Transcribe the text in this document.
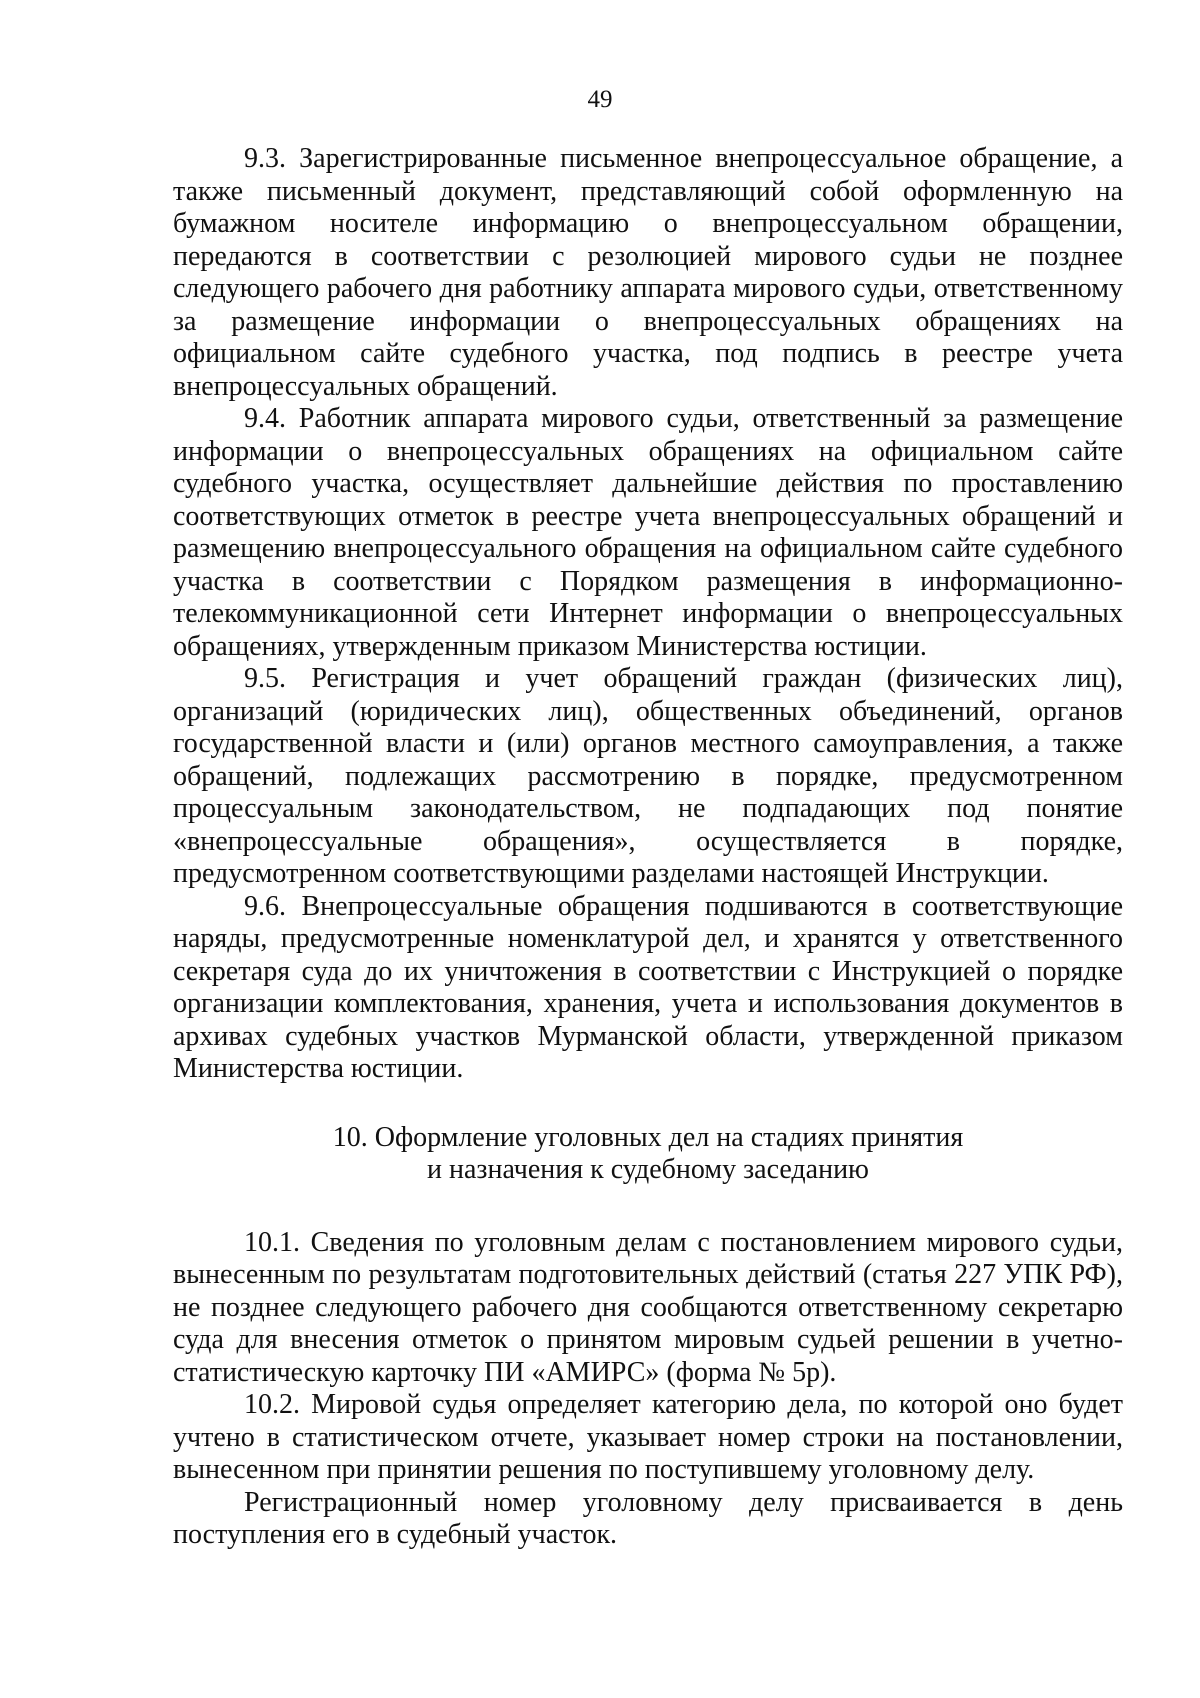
49

9.3. Зарегистрированные письменное внепроцессуальное обращение, а также письменный документ, представляющий собой оформленную на бумажном носителе информацию о внепроцессуальном обращении, передаются в соответствии с резолюцией мирового судьи не позднее следующего рабочего дня работнику аппарата мирового судьи, ответственному за размещение информации о внепроцессуальных обращениях на официальном сайте судебного участка, под подпись в реестре учета внепроцессуальных обращений.

9.4. Работник аппарата мирового судьи, ответственный за размещение информации о внепроцессуальных обращениях на официальном сайте судебного участка, осуществляет дальнейшие действия по проставлению соответствующих отметок в реестре учета внепроцессуальных обращений и размещению внепроцессуального обращения на официальном сайте судебного участка в соответствии с Порядком размещения в информационно-телекоммуникационной сети Интернет информации о внепроцессуальных обращениях, утвержденным приказом Министерства юстиции.

9.5. Регистрация и учет обращений граждан (физических лиц), организаций (юридических лиц), общественных объединений, органов государственной власти и (или) органов местного самоуправления, а также обращений, подлежащих рассмотрению в порядке, предусмотренном процессуальным законодательством, не подпадающих под понятие «внепроцессуальные обращения», осуществляется в порядке, предусмотренном соответствующими разделами настоящей Инструкции.

9.6. Внепроцессуальные обращения подшиваются в соответствующие наряды, предусмотренные номенклатурой дел, и хранятся у ответственного секретаря суда до их уничтожения в соответствии с Инструкцией о порядке организации комплектования, хранения, учета и использования документов в архивах судебных участков Мурманской области, утвержденной приказом Министерства юстиции.

10. Оформление уголовных дел на стадиях принятия
и назначения к судебному заседанию

10.1. Сведения по уголовным делам с постановлением мирового судьи, вынесенным по результатам подготовительных действий (статья 227 УПК РФ), не позднее следующего рабочего дня сообщаются ответственному секретарю суда для внесения отметок о принятом мировым судьей решении в учетно-статистическую карточку ПИ «АМИРС» (форма № 5р).

10.2. Мировой судья определяет категорию дела, по которой оно будет учтено в статистическом отчете, указывает номер строки на постановлении, вынесенном при принятии решения по поступившему уголовному делу.

Регистрационный номер уголовному делу присваивается в день поступления его в судебный участок.
